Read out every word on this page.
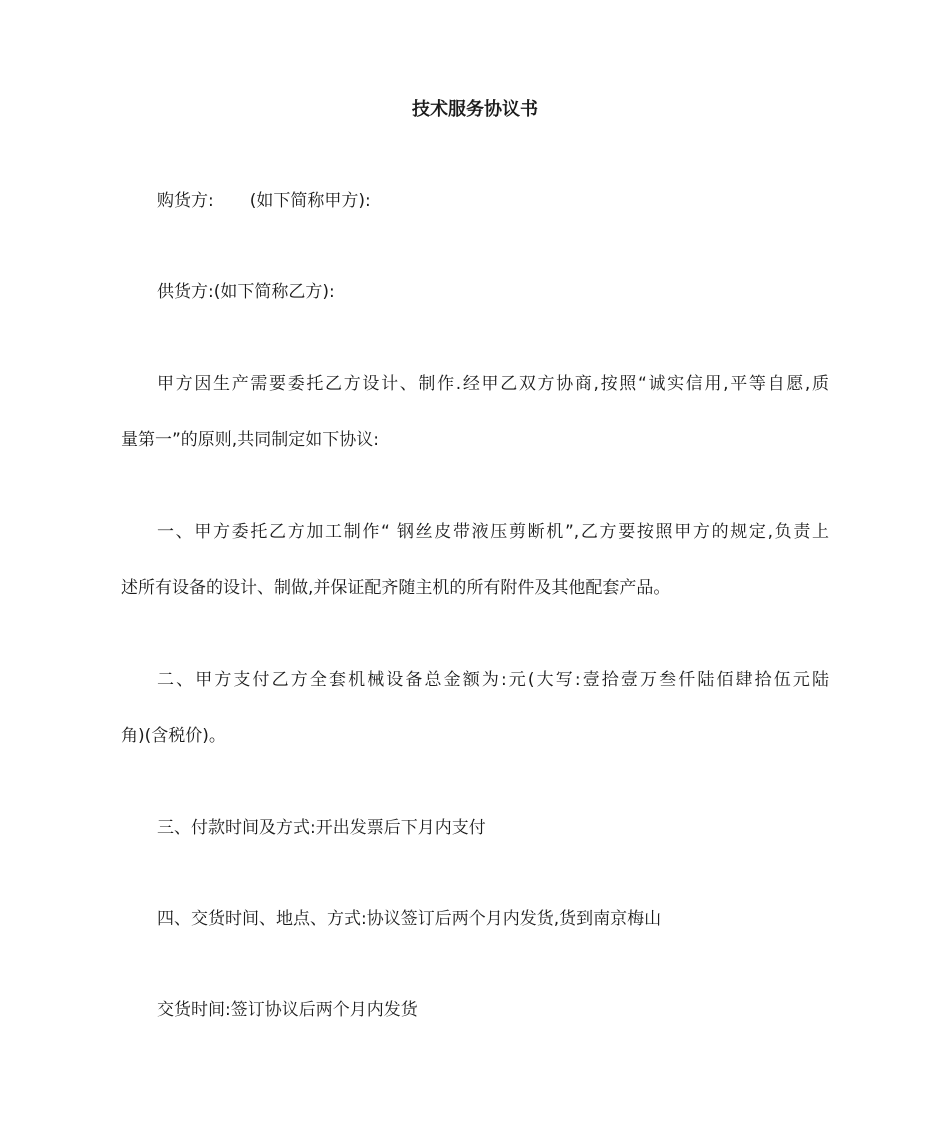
技术服务协议书
购货方: (如下简称甲方):
供货方:(如下简称乙方):
甲方因生产需要委托乙方设计、制作.经甲乙双方协商,按照“诚实信用,平等自愿,质
量第一”的原则,共同制定如下协议:
一、甲方委托乙方加工制作“ 钢丝皮带液压剪断机”,乙方要按照甲方的规定,负责上
述所有设备的设计、制做,并保证配齐随主机的所有附件及其他配套产品。
二、甲方支付乙方全套机械设备总金额为:元(大写:壹拾壹万叁仟陆佰肆拾伍元陆
角)(含税价)。
三、付款时间及方式:开出发票后下月内支付
四、交货时间、地点、方式:协议签订后两个月内发货,货到南京梅山
交货时间:签订协议后两个月内发货
